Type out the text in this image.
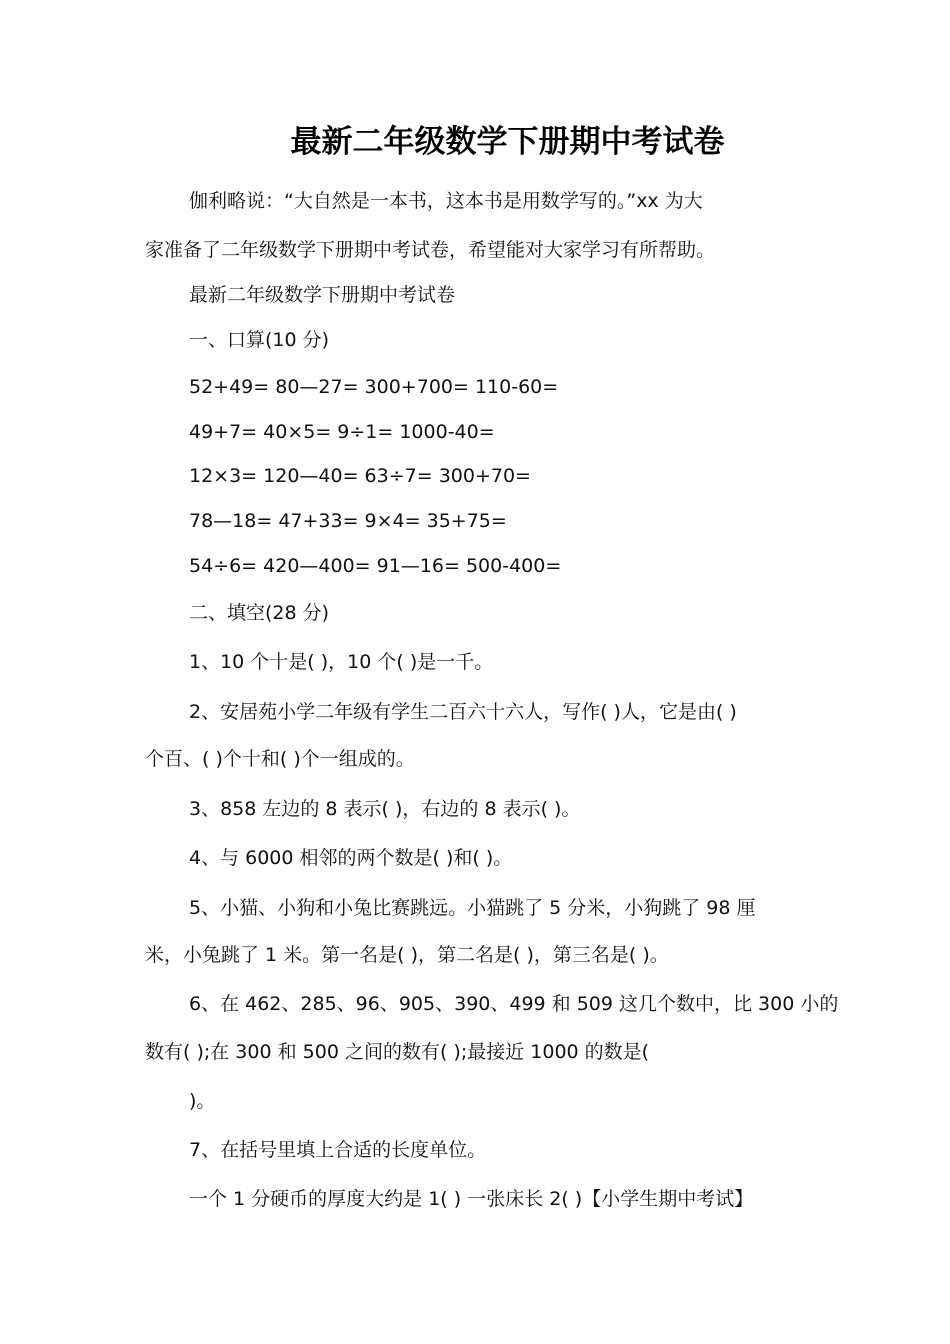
最新二年级数学下册期中考试卷
伽利略说：“大自然是一本书，这本书是用数学写的。”xx 为大
家准备了二年级数学下册期中考试卷，希望能对大家学习有所帮助。
最新二年级数学下册期中考试卷
一、口算(10 分)
52+49= 80—27= 300+700= 110-60=
49+7= 40×5= 9÷1= 1000-40=
12×3= 120—40= 63÷7= 300+70=
78—18= 47+33= 9×4= 35+75=
54÷6= 420—400= 91—16= 500-400=
二、填空(28 分)
1、10 个十是( )，10 个( )是一千。
2、安居苑小学二年级有学生二百六十六人，写作( )人，它是由( )
个百、( )个十和( )个一组成的。
3、858 左边的 8 表示( )，右边的 8 表示( )。
4、与 6000 相邻的两个数是( )和( )。
5、小猫、小狗和小兔比赛跳远。小猫跳了 5 分米，小狗跳了 98 厘
米，小兔跳了 1 米。第一名是( )，第二名是( )，第三名是( )。
6、在 462、285、96、905、390、499 和 509 这几个数中，比 300 小的
数有( );在 300 和 500 之间的数有( );最接近 1000 的数是(
)。
7、在括号里填上合适的长度单位。
一个 1 分硬币的厚度大约是 1( ) 一张床长 2( )【小学生期中考试】
